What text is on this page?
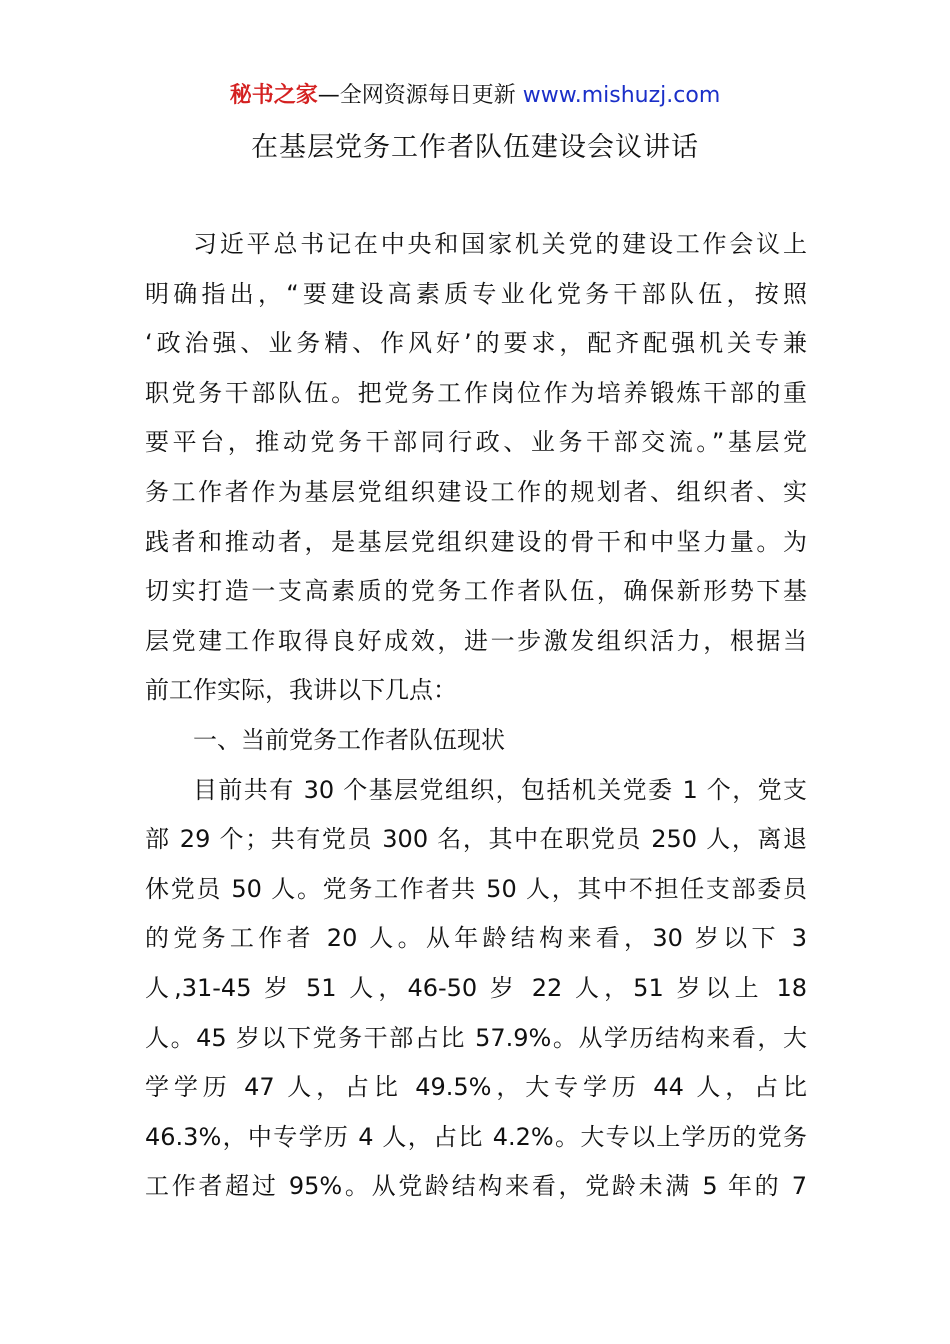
秘书之家—全网资源每日更新 www.mishuzj.com
在基层党务工作者队伍建设会议讲话
习近平总书记在中央和国家机关党的建设工作会议上
明确指出，“要建设高素质专业化党务干部队伍，按照
‘政治强、业务精、作风好’的要求，配齐配强机关专兼
职党务干部队伍。把党务工作岗位作为培养锻炼干部的重
要平台，推动党务干部同行政、业务干部交流。”基层党
务工作者作为基层党组织建设工作的规划者、组织者、实
践者和推动者，是基层党组织建设的骨干和中坚力量。为
切实打造一支高素质的党务工作者队伍，确保新形势下基
层党建工作取得良好成效，进一步激发组织活力，根据当
前工作实际，我讲以下几点：
一、当前党务工作者队伍现状
目前共有 30 个基层党组织，包括机关党委 1 个，党支
部 29 个；共有党员 300 名，其中在职党员 250 人，离退
休党员 50 人。党务工作者共 50 人，其中不担任支部委员
的党务工作者 20 人。从年龄结构来看，30 岁以下 3
人,31-45 岁 51 人，46-50 岁 22 人，51 岁以上 18
人。45 岁以下党务干部占比 57.9%。从学历结构来看，大
学学历 47 人，占比 49.5%，大专学历 44 人，占比
46.3%，中专学历 4 人，占比 4.2%。大专以上学历的党务
工作者超过 95%。从党龄结构来看，党龄未满 5 年的 7
